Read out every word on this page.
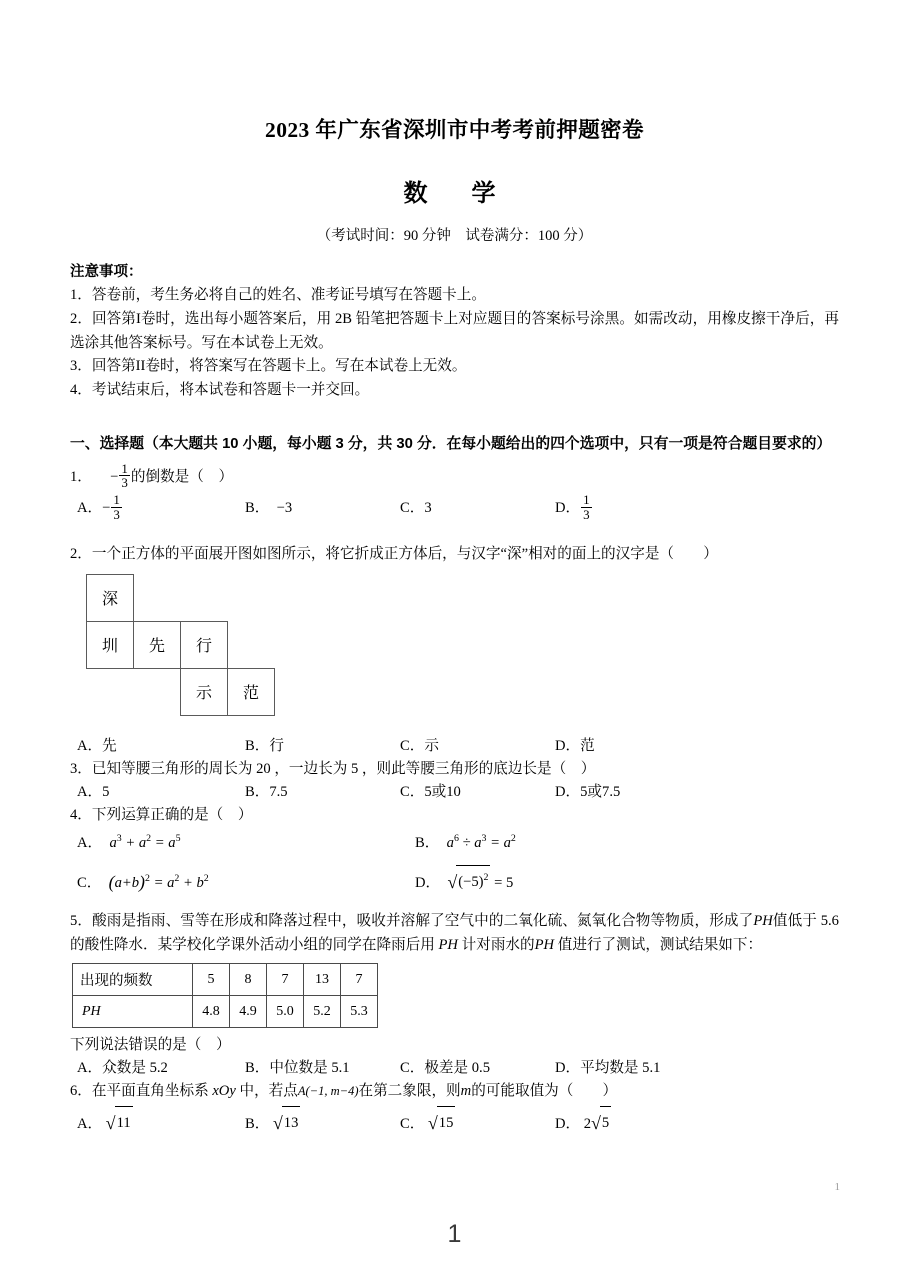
2023 年广东省深圳市中考考前押题密卷
数　学

（考试时间：90 分钟　试卷满分：100 分）

注意事项：

1．答卷前，考生务必将自己的姓名、准考证号填写在答题卡上。

2．回答第I卷时，选出每小题答案后，用 2B 铅笔把答题卡上对应题目的答案标号涂黑。如需改动，用橡皮擦干净后，再选涂其他答案标号。写在本试卷上无效。

3．回答第II卷时，将答案写在答题卡上。写在本试卷上无效。

4．考试结束后，将本试卷和答题卡一并交回。

一、选择题（本大题共 10 小题，每小题 3 分，共 30 分．在每小题给出的四个选项中，只有一项是符合题目要求的）

1． 　− $\frac{1}{3}$ 的倒数是（　）

A．− $\frac{1}{3}$	B．　 −3	C．3	D． $\frac{1}{3}$

2．一个正方体的平面展开图如图所示，将它折成正方体后，与汉字“深”相对的面上的汉字是（　　）

深
圳	先	行
示	范
A．先	B．行	C．示	D．范

3．已知等腰三角形的周长为 20 ，一边长为 5 ，则此等腰三角形的底边长是（　）

A．5	B．7.5	C．5或10	D．5或7.5

4．下列运算正确的是（　）

A．  $a^3 + a^2 = a^5$	B．  $a^6 \div a^3 = a^2$
C． $(a+b)^2 = a^2 + b^2$	D． $√(-5)^2 = 5$

5．酸雨是指雨、雪等在形成和降落过程中，吸收并溶解了空气中的二氧化硫、氮氧化合物等物质，形成了PH值低于 5.6 的酸性降水．某学校化学课外活动小组的同学在降雨后用 PH 计对雨水的PH 值进行了测试，测试结果如下：

出现的频数	5	8	7	13	7
PH	4.8	4.9	5.0	5.2	5.3

下列说法错误的是（　）

A．众数是 5.2	B．中位数是 5.1	C．极差是 0.5	D．平均数是 5.1

6．在平面直角坐标系 xOy 中，若点A(−1, m−4)在第二象限，则m的可能取值为（　　）

A． √11	B． √13	C． √15	D． 2√5
1
1
